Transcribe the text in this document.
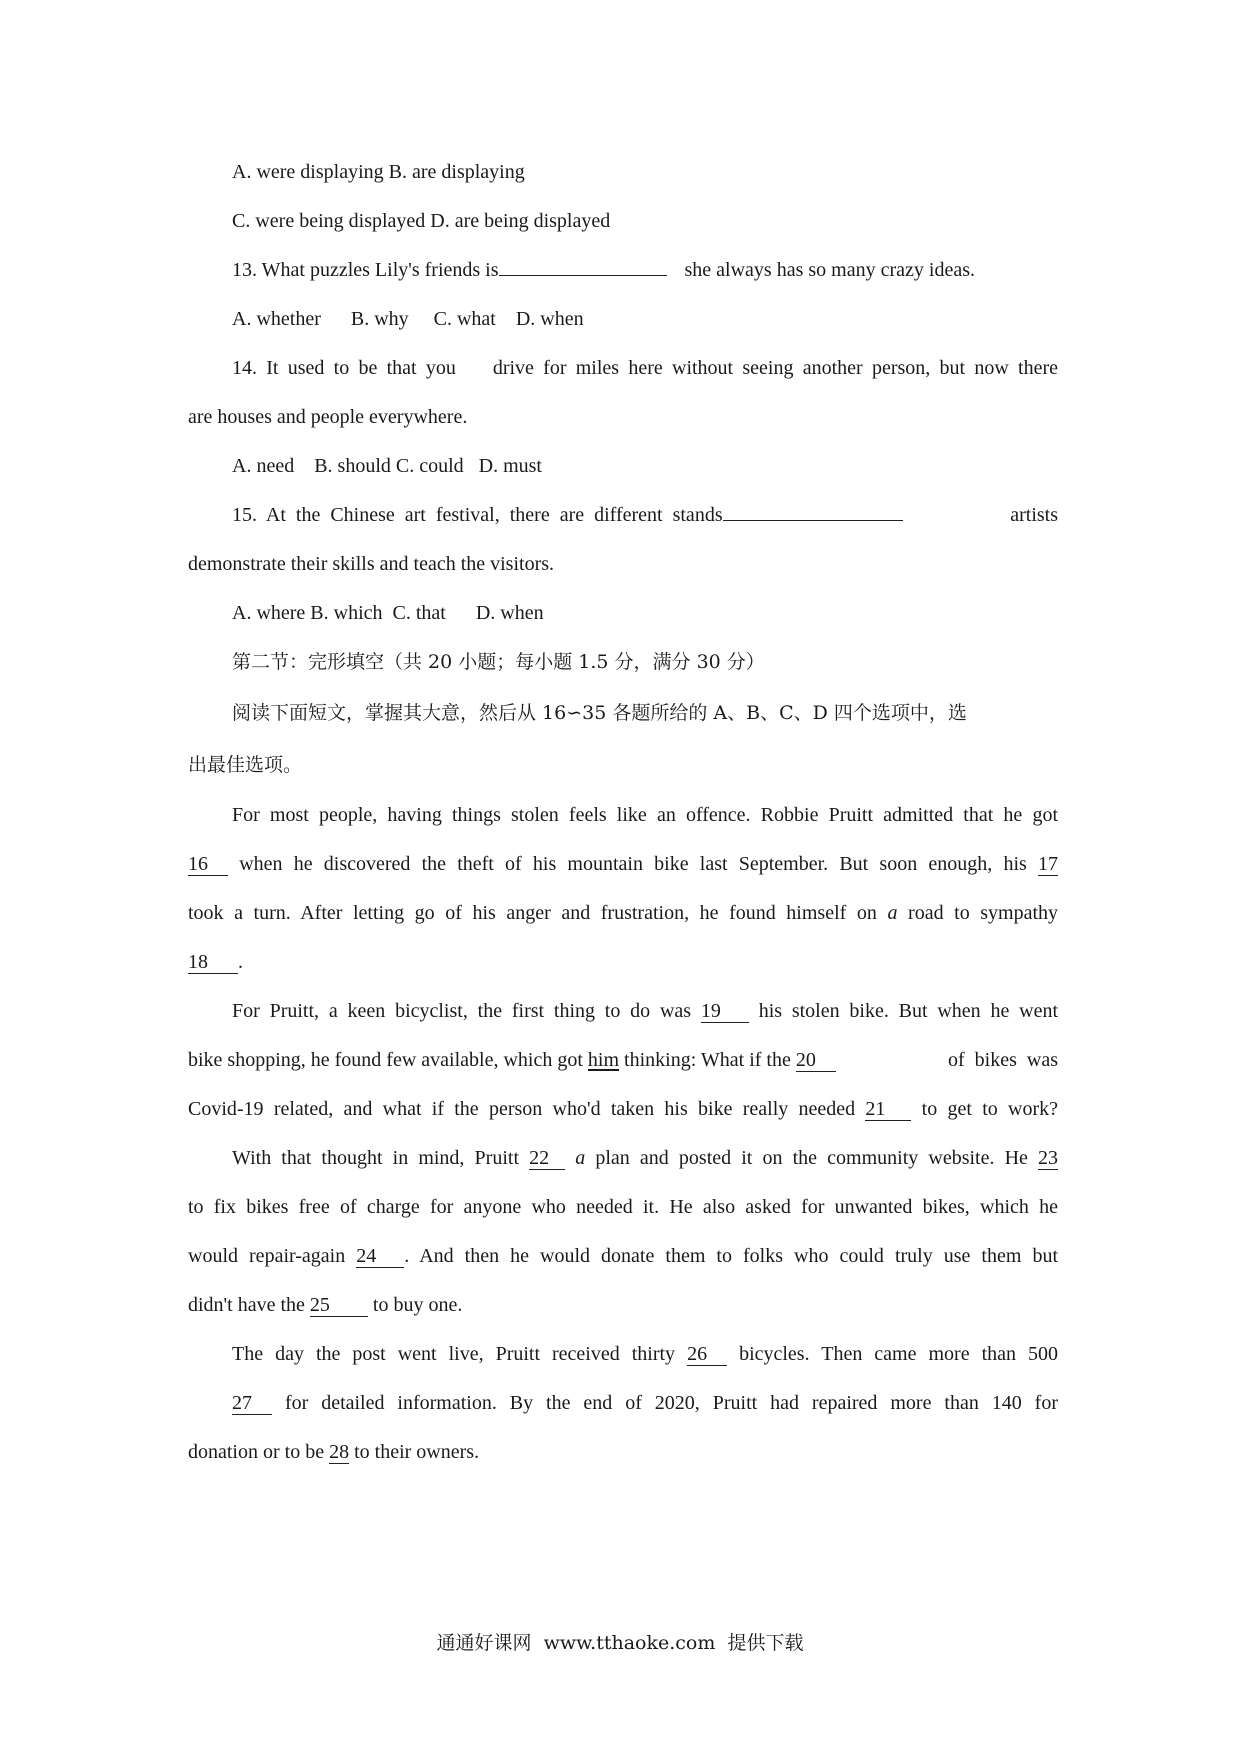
A. were displaying B. are displaying
C. were being displayed D. are being displayed
13. What puzzles Lily's friends is	she always has so many crazy ideas.
A. whether      B. why     C. what    D. when
14. It used to be that you    drive for miles here without seeing another person, but now there
are houses and people everywhere.
A. need    B. should C. could   D. must
15.  At  the  Chinese  art  festival,  there  are  different  stands	artists
demonstrate their skills and teach the visitors.
A. where B. which  C. that      D. when
第二节：完形填空（共 20 小题；每小题 1.5 分，满分 30 分）
阅读下面短文，掌握其大意，然后从 16∽35 各题所给的 A、B、C、D 四个选项中，选
出最佳选项。
For most people, having things stolen feels like an offence. Robbie Pruitt admitted that he got
16 when he discovered the theft of his mountain bike last September. But soon enough, his 17
took a turn. After letting go of his anger and frustration, he found himself on a road to sympathy
18 .
For Pruitt, a keen bicyclist, the first thing to do was 19 his stolen bike. But when he went
bike shopping, he found few available, which got him thinking: What if the 20	of  bikes  was
Covid-19 related, and what if the person who'd taken his bike really needed 21 to get to work?
With that thought in mind, Pruitt 22 a plan and posted it on the community website. He 23
to fix bikes free of charge for anyone who needed it. He also asked for unwanted bikes, which he
would repair-again 24 . And then he would donate them to folks who could truly use them but
didn't have the 25 to buy one.
The day the post went live, Pruitt received thirty 26 bicycles. Then came more than 500
27 for detailed information. By the end of 2020, Pruitt had repaired more than 140 for
donation or to be 28 to their owners.
通通好课网  www.tthaoke.com  提供下载
